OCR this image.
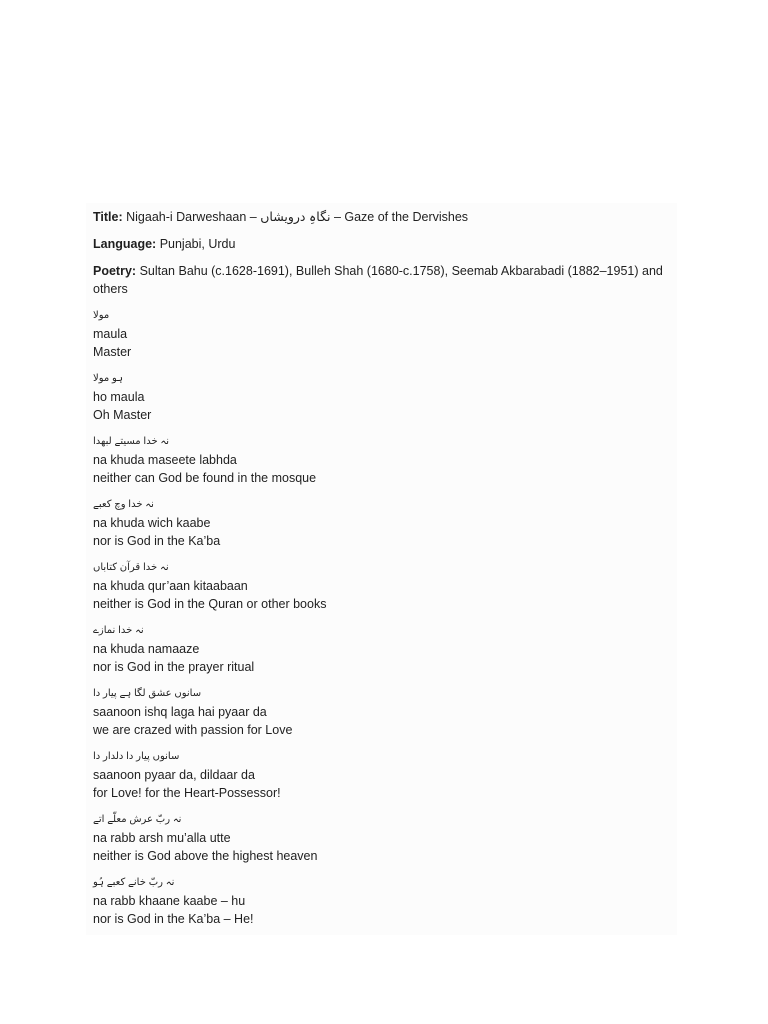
Title: Nigaah-i Darweshaan – نگاہِ درویشاں – Gaze of the Dervishes
Language: Punjabi, Urdu
Poetry: Sultan Bahu (c.1628-1691), Bulleh Shah (1680-c.1758), Seemab Akbarabadi (1882–1951) and others
مولا
maula
Master
ہو مولا
ho maula
Oh Master
نہ خدا مسیتے لبھدا
na khuda maseete labhda
neither can God be found in the mosque
نہ خدا وچ کعبے
na khuda wich kaabe
nor is God in the Ka’ba
نہ خدا قرآن کتاباں
na khuda qur’aan kitaabaan
neither is God in the Quran or other books
نہ خدا نمازے
na khuda namaaze
nor is God in the prayer ritual
سانوں عشق لگا ہے پیار دا
saanoon ishq laga hai pyaar da
we are crazed with passion for Love
سانوں پیار دا دلدار دا
saanoon pyaar da, dildaar da
for Love! for the Heart-Possessor!
نہ ربّ عرش معلّے اتے
na rabb arsh mu’alla utte
neither is God above the highest heaven
نہ ربّ خانے کعبے ہُو
na rabb khaane kaabe – hu
nor is God in the Ka’ba – He!
